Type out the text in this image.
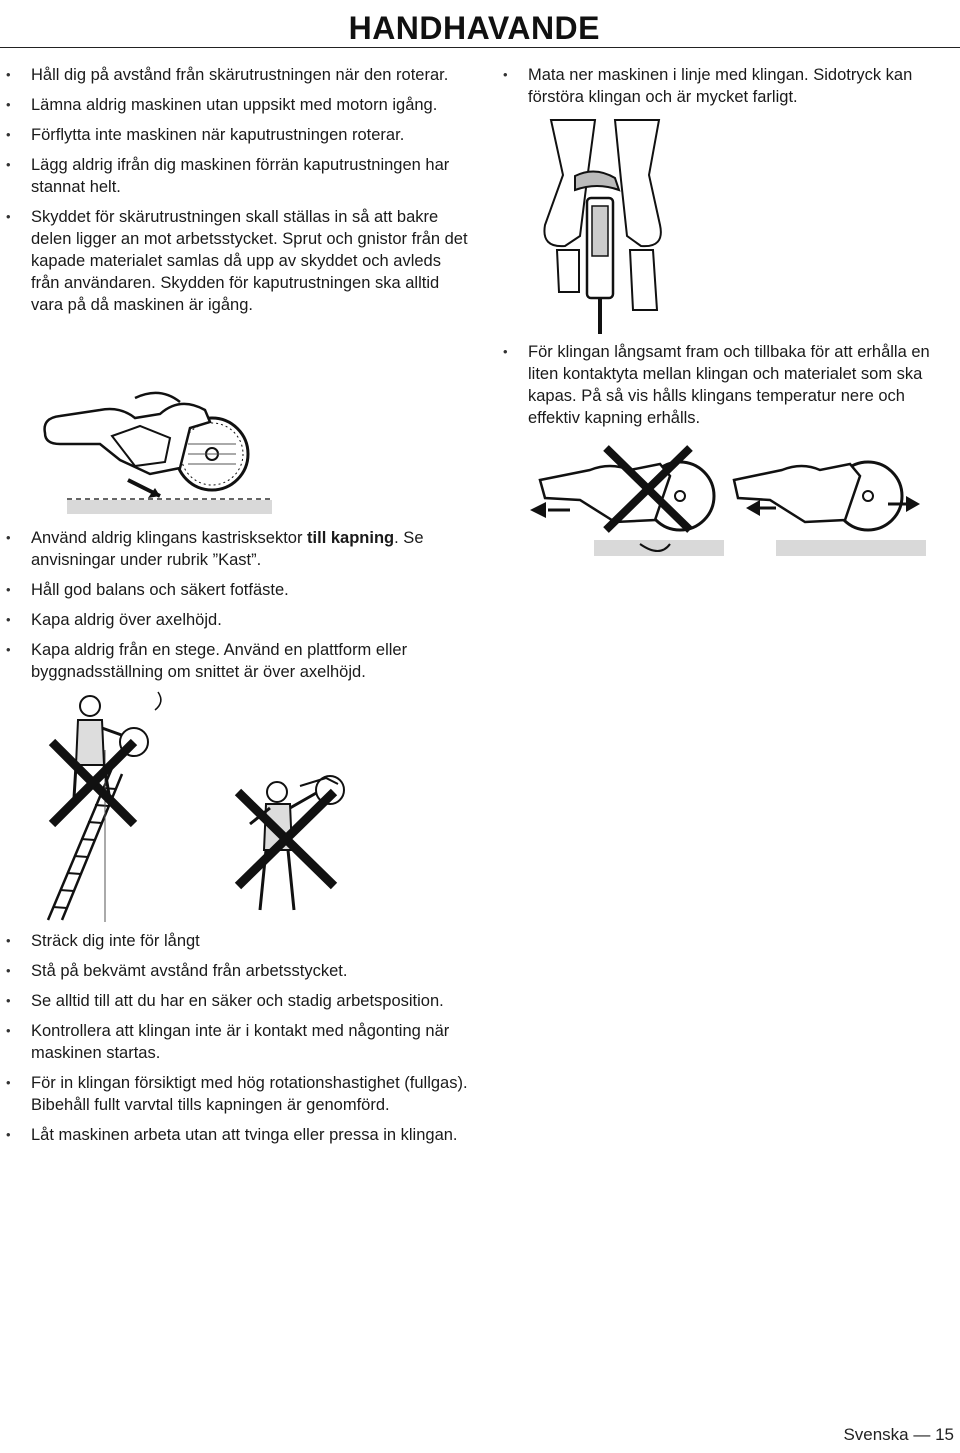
HANDHAVANDE
• Håll dig på avstånd från skärutrustningen när den roterar.
• Lämna aldrig maskinen utan uppsikt med motorn igång.
• Förflytta inte maskinen när kaputrustningen roterar.
• Lägg aldrig ifrån dig maskinen förrän kaputrustningen har stannat helt.
• Skyddet för skärutrustningen skall ställas in så att bakre delen ligger an mot arbetsstycket. Sprut och gnistor från det kapade materialet samlas då upp av skyddet och avleds från användaren. Skydden för kaputrustningen ska alltid vara på då maskinen är igång.
• Använd aldrig klingans kastrisksektor till kapning. Se anvisningar under rubrik ”Kast”.
• Håll god balans och säkert fotfäste.
• Kapa aldrig över axelhöjd.
• Kapa aldrig från en stege. Använd en plattform eller byggnadsställning om snittet är över axelhöjd.
• Sträck dig inte för långt
• Stå på bekvämt avstånd från arbetsstycket.
• Se alltid till att du har en säker och stadig arbetsposition.
• Kontrollera att klingan inte är i kontakt med någonting när maskinen startas.
• För in klingan försiktigt med hög rotationshastighet (fullgas). Bibehåll fullt varvtal tills kapningen är genomförd.
• Låt maskinen arbeta utan att tvinga eller pressa in klingan.
• Mata ner maskinen i linje med klingan. Sidotryck kan förstöra klingan och är mycket farligt.
• För klingan långsamt fram och tillbaka för att erhålla en liten kontaktyta mellan klingan och materialet som ska kapas. På så vis hålls klingans temperatur nere och effektiv kapning erhålls.
Svenska — 15
